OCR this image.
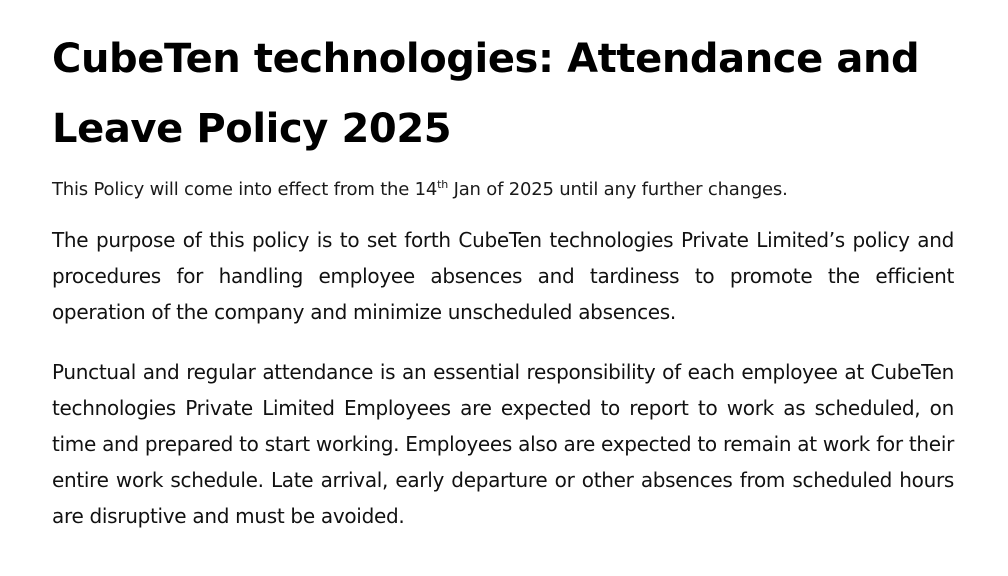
CubeTen technologies: Attendance and Leave Policy 2025

This Policy will come into effect from the 14th Jan of 2025 until any further changes.

The purpose of this policy is to set forth CubeTen technologies Private Limited’s policy and procedures for handling employee absences and tardiness to promote the efficient operation of the company and minimize unscheduled absences.

Punctual and regular attendance is an essential responsibility of each employee at CubeTen technologies Private Limited Employees are expected to report to work as scheduled, on time and prepared to start working. Employees also are expected to remain at work for their entire work schedule. Late arrival, early departure or other absences from scheduled hours are disruptive and must be avoided.
